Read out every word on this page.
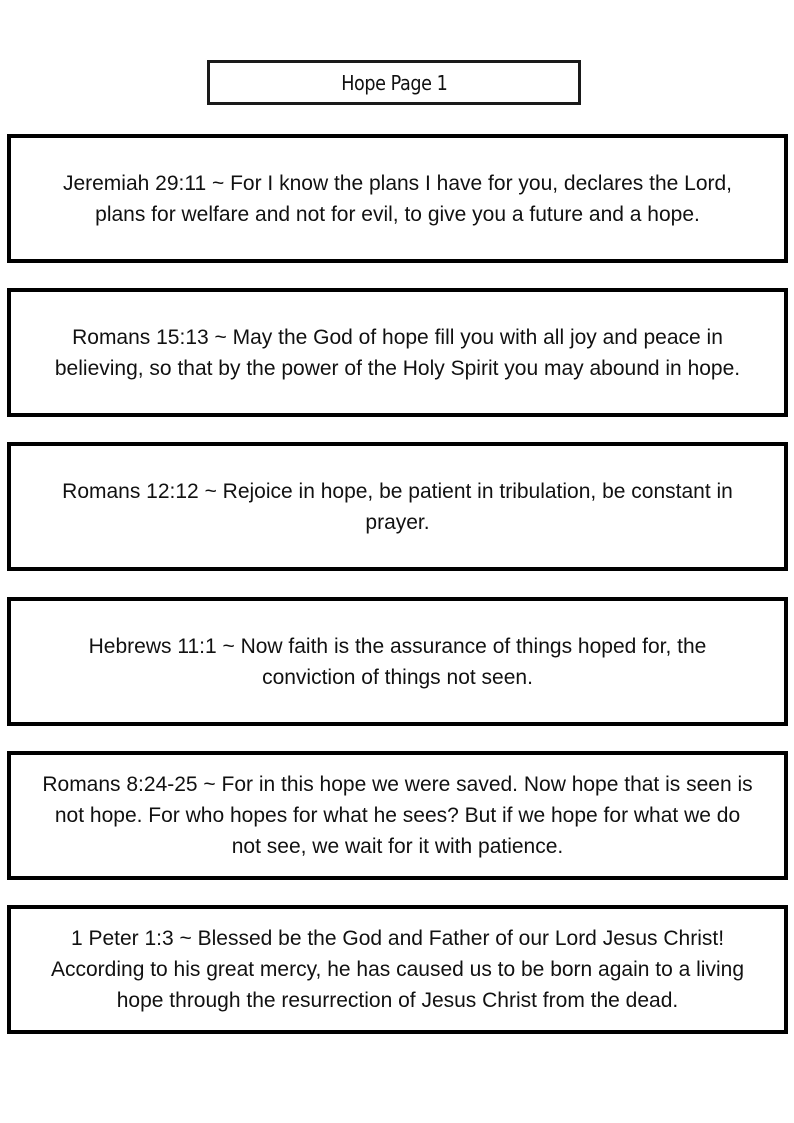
Hope Page 1

Jeremiah 29:11 ~ For I know the plans I have for you, declares the Lord, plans for welfare and not for evil, to give you a future and a hope.

Romans 15:13 ~ May the God of hope fill you with all joy and peace in believing, so that by the power of the Holy Spirit you may abound in hope.

Romans 12:12 ~ Rejoice in hope, be patient in tribulation, be constant in prayer.

Hebrews 11:1 ~ Now faith is the assurance of things hoped for, the conviction of things not seen.

Romans 8:24-25 ~ For in this hope we were saved. Now hope that is seen is not hope. For who hopes for what he sees? But if we hope for what we do not see, we wait for it with patience.

1 Peter 1:3 ~ Blessed be the God and Father of our Lord Jesus Christ! According to his great mercy, he has caused us to be born again to a living hope through the resurrection of Jesus Christ from the dead.
